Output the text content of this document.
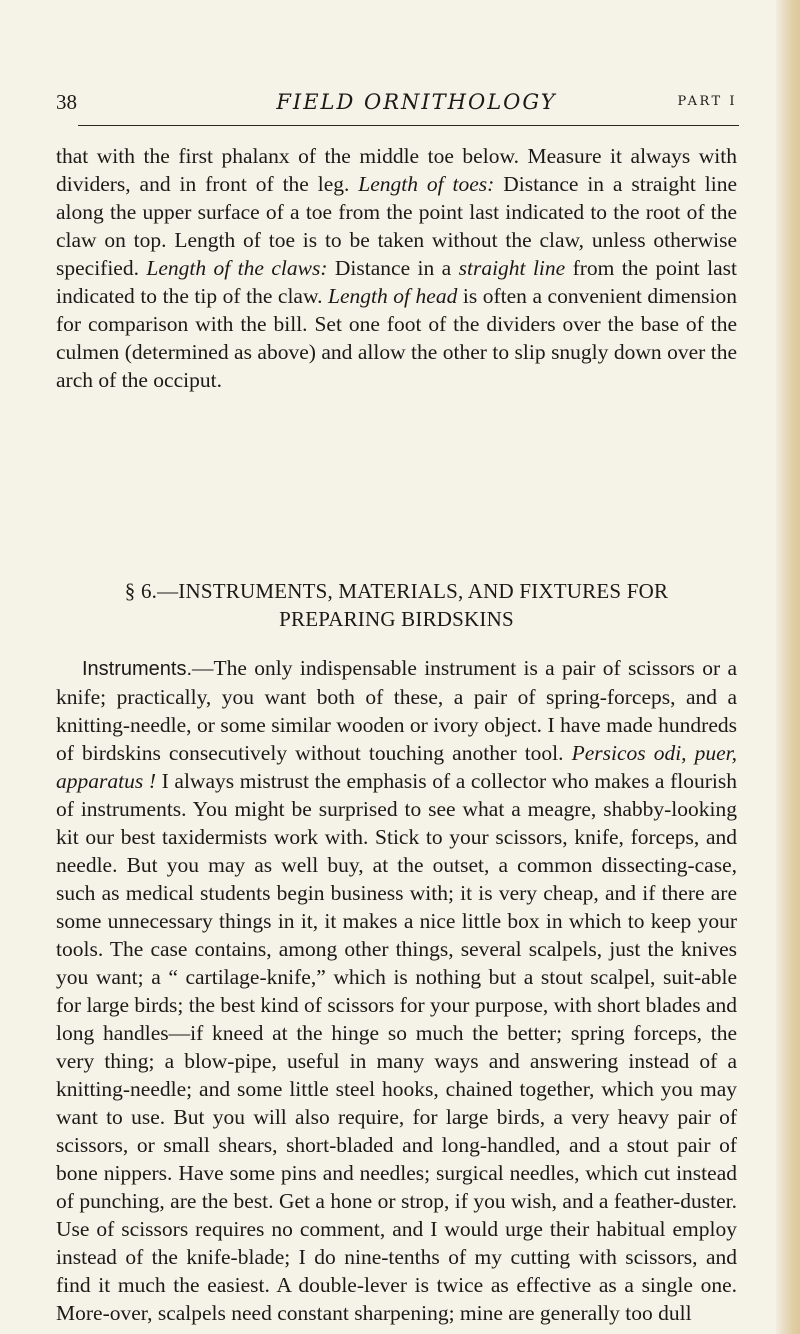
38	FIELD ORNITHOLOGY	PART I

that with the first phalanx of the middle toe below. Measure it always with dividers, and in front of the leg. Length of toes: Distance in a straight line along the upper surface of a toe from the point last indicated to the root of the claw on top. Length of toe is to be taken without the claw, unless otherwise specified. Length of the claws: Distance in a straight line from the point last indicated to the tip of the claw. Length of head is often a convenient dimension for comparison with the bill. Set one foot of the dividers over the base of the culmen (determined as above) and allow the other to slip snugly down over the arch of the occiput.

§ 6.—INSTRUMENTS, MATERIALS, AND FIXTURES FOR
PREPARING BIRDSKINS
Instruments.—The only indispensable instrument is a pair of scissors or a knife; practically, you want both of these, a pair of spring-forceps, and a knitting-needle, or some similar wooden or ivory object. I have made hundreds of birdskins consecutively without touching another tool. Persicos odi, puer, apparatus ! I always mistrust the emphasis of a collector who makes a flourish of instruments. You might be surprised to see what a meagre, shabby-looking kit our best taxidermists work with. Stick to your scissors, knife, forceps, and needle. But you may as well buy, at the outset, a common dissecting-case, such as medical students begin business with; it is very cheap, and if there are some unnecessary things in it, it makes a nice little box in which to keep your tools. The case contains, among other things, several scalpels, just the knives you want; a “ cartilage-knife,” which is nothing but a stout scalpel, suit-able for large birds; the best kind of scissors for your purpose, with short blades and long handles—if kneed at the hinge so much the better; spring forceps, the very thing; a blow-pipe, useful in many ways and answering instead of a knitting-needle; and some little steel hooks, chained together, which you may want to use. But you will also require, for large birds, a very heavy pair of scissors, or small shears, short-bladed and long-handled, and a stout pair of bone nippers. Have some pins and needles; surgical needles, which cut instead of punching, are the best. Get a hone or strop, if you wish, and a feather-duster. Use of scissors requires no comment, and I would urge their habitual employ instead of the knife-blade; I do nine-tenths of my cutting with scissors, and find it much the easiest. A double-lever is twice as effective as a single one. More-over, scalpels need constant sharpening; mine are generally too dull
